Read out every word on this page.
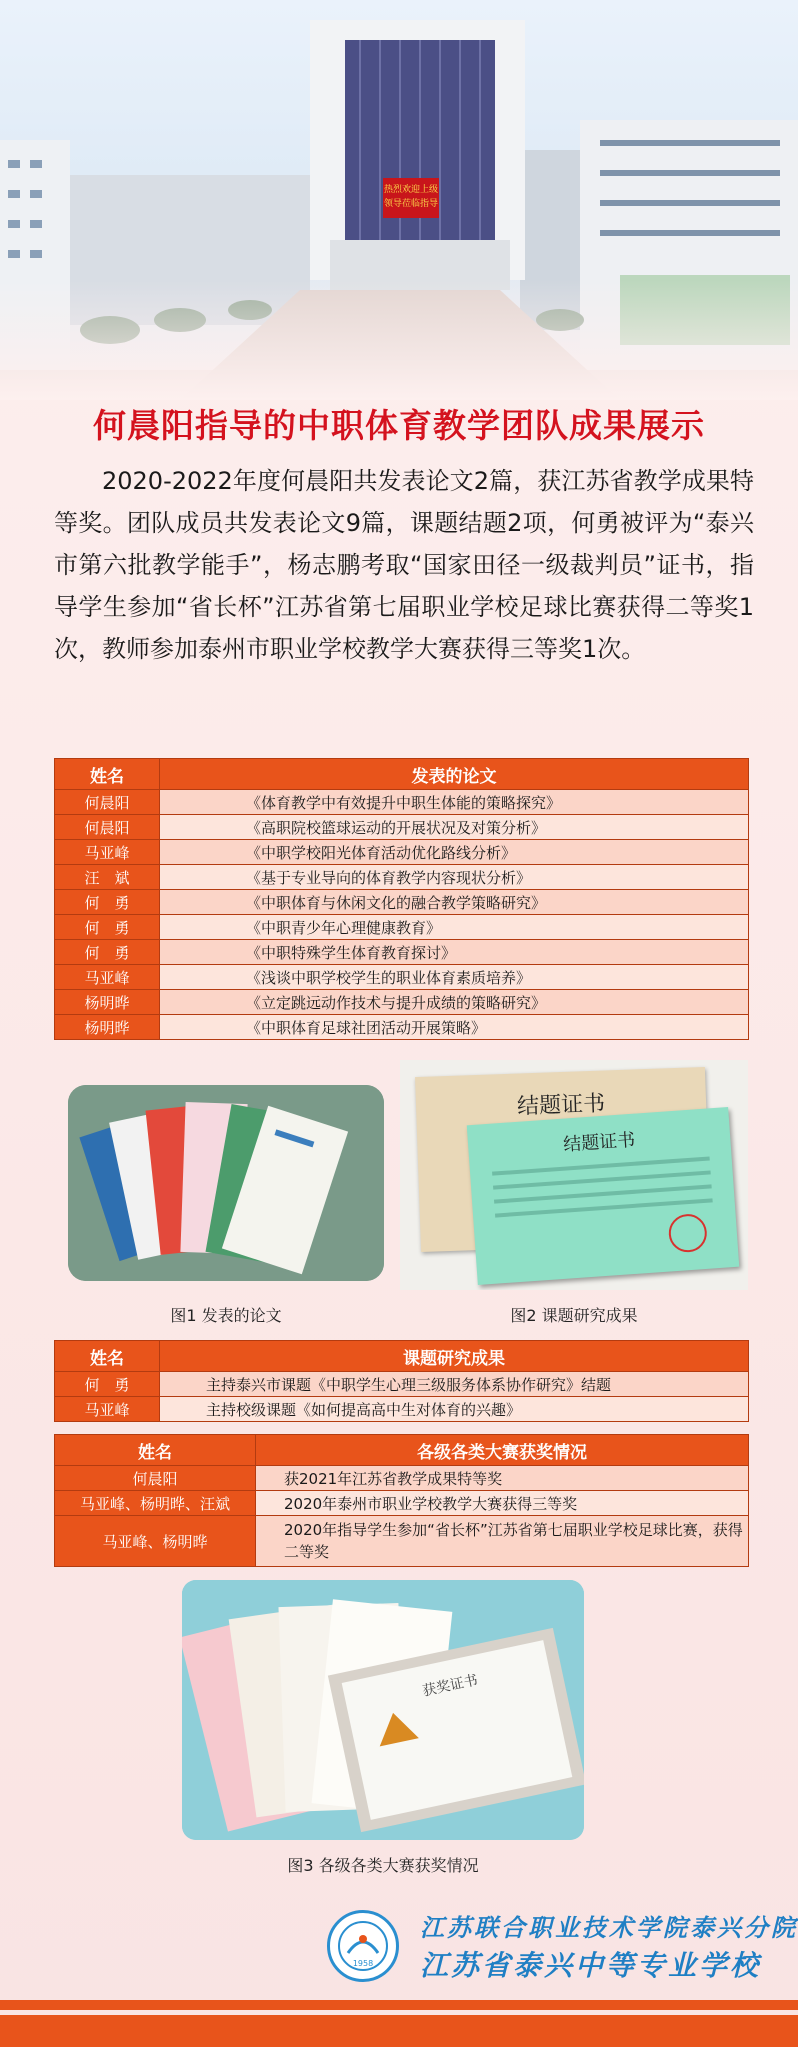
热烈欢迎上级
领导莅临指导
何晨阳指导的中职体育教学团队成果展示
2020-2022年度何晨阳共发表论文2篇，获江苏省教学成果特等奖。团队成员共发表论文9篇，课题结题2项，何勇被评为“泰兴市第六批教学能手”，杨志鹏考取“国家田径一级裁判员”证书，指导学生参加“省长杯”江苏省第七届职业学校足球比赛获得二等奖1次，教师参加泰州市职业学校教学大赛获得三等奖1次。
姓名	发表的论文
何晨阳	《体育教学中有效提升中职生体能的策略探究》
何晨阳	《高职院校篮球运动的开展状况及对策分析》
马亚峰	《中职学校阳光体育活动优化路线分析》
汪　斌	《基于专业导向的体育教学内容现状分析》
何　勇	《中职体育与休闲文化的融合教学策略研究》
何　勇	《中职青少年心理健康教育》
何　勇	《中职特殊学生体育教育探讨》
马亚峰	《浅谈中职学校学生的职业体育素质培养》
杨明晔	《立定跳远动作技术与提升成绩的策略研究》
杨明晔	《中职体育足球社团活动开展策略》
图1 发表的论文
结题证书
结题证书
图2 课题研究成果
姓名	课题研究成果
何　勇	主持泰兴市课题《中职学生心理三级服务体系协作研究》结题
马亚峰	主持校级课题《如何提高高中生对体育的兴趣》
姓名	各级各类大赛获奖情况
何晨阳	获2021年江苏省教学成果特等奖
马亚峰、杨明晔、汪斌	2020年泰州市职业学校教学大赛获得三等奖
马亚峰、杨明晔	2020年指导学生参加“省长杯”江苏省第七届职业学校足球比赛，获得二等奖
获奖证书
图3 各级各类大赛获奖情况
1958
江苏联合职业技术学院泰兴分院
江苏省泰兴中等专业学校
